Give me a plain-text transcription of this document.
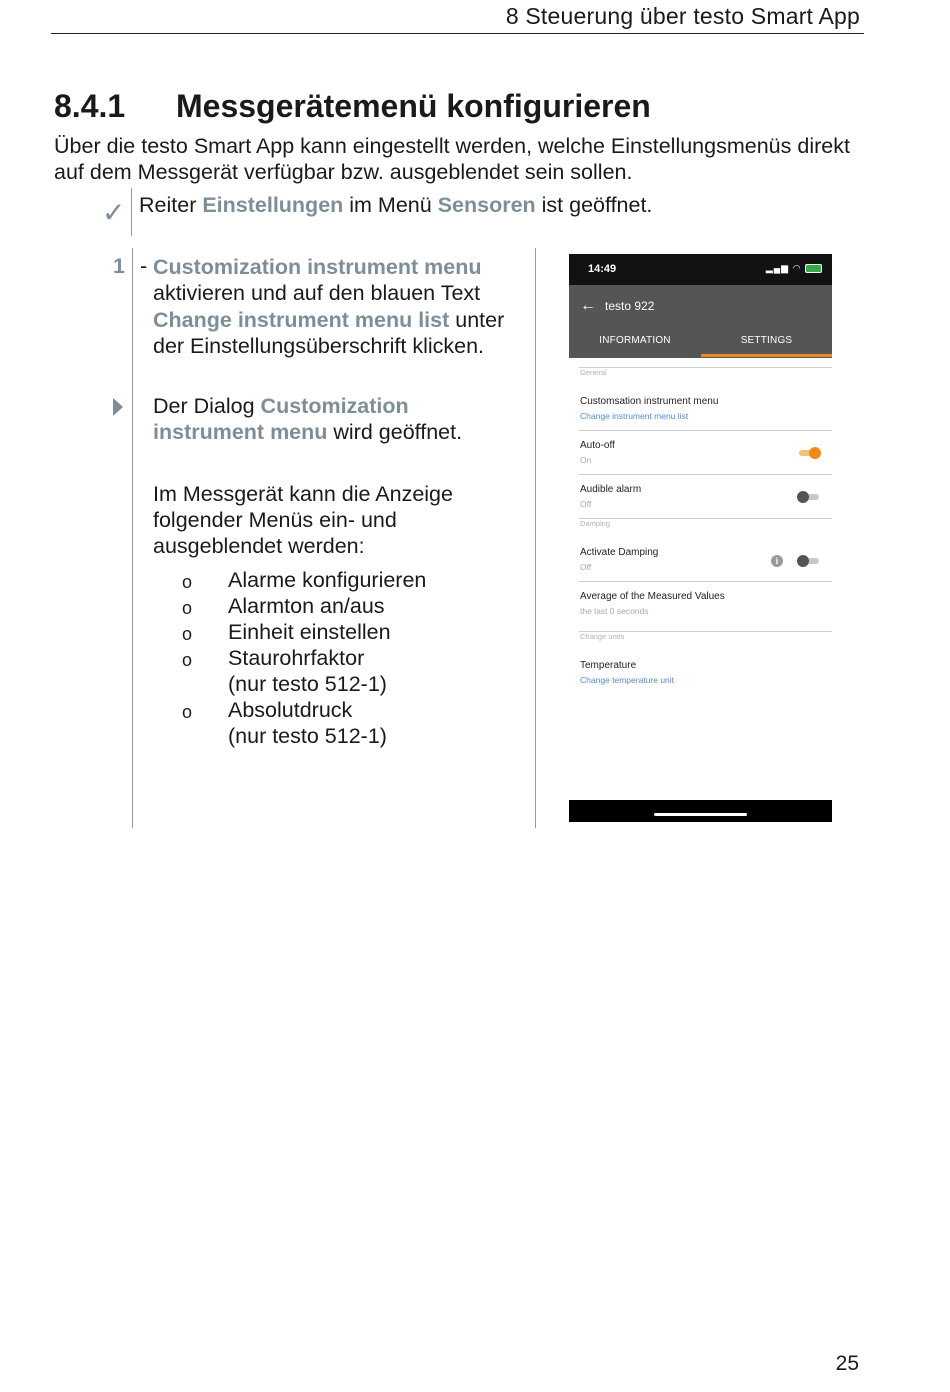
8 Steuerung über testo Smart App
8.4.1 Messgerätemenü konfigurieren
Über die testo Smart App kann eingestellt werden, welche Einstellungsmenüs direkt auf dem Messgerät verfügbar bzw. ausgeblendet sein sollen.
✓ Reiter Einstellungen im Menü Sensoren ist geöffnet.
1 - Customization instrument menu aktivieren und auf den blauen Text Change instrument menu list unter der Einstellungsüberschrift klicken.
Der Dialog Customization instrument menu wird geöffnet.
Im Messgerät kann die Anzeige folgender Menüs ein- und ausgeblendet werden:
o Alarme konfigurieren
o Alarmton an/aus
o Einheit einstellen
o Staurohrfaktor
(nur testo 512-1)
o Absolutdruck
(nur testo 512-1)
14:49	▂▄▆ ◠
← testo 922
INFORMATION	SETTINGS
General
Customsation instrument menu
Change instrument menu list
Auto-off
On
Audible alarm
Off
Damping
Activate Damping
Off
i
Average of the Measured Values
the last 0 seconds
Change units
Temperature
Change temperature unit
25
